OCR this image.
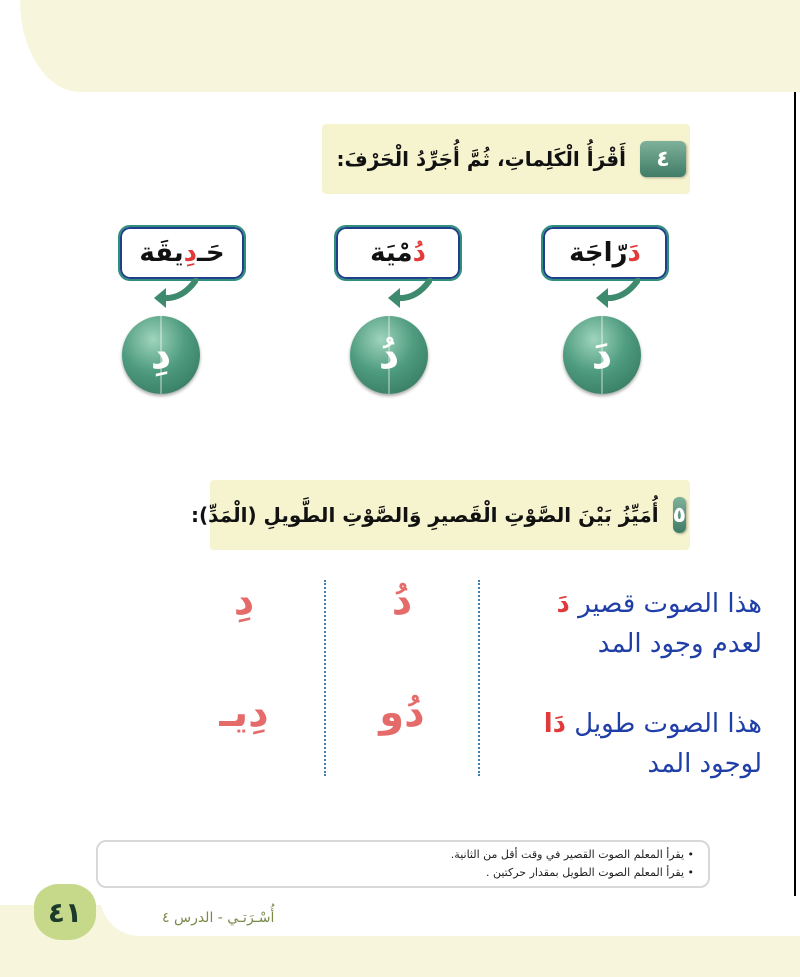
٤
أَقْرَأُ الْكَلِماتِ، ثُمَّ أُجَرِّدُ الْحَرْفَ:
دَ
رّاجَة
دُ
مْيَة
حَـ
دِ
يقَة
دَ
دُ
دِ
٥
أُمَيِّزُ بَيْنَ الصَّوْتِ الْقَصيرِ وَالصَّوْتِ الطَّويلِ (الْمَدِّ):
هذا الصوت قصير دَ
لعدم وجود المد
دُ
دِ
هذا الصوت طويل دَا
لوجود المد
دُو
دِيـ
• يقرأ المعلم الصوت القصير في وقت أقل من الثانية.
• يقرأ المعلم الصوت الطويل بمقدار حركتين .
٤١	أُسْـرَتـي - الدرس ٤
